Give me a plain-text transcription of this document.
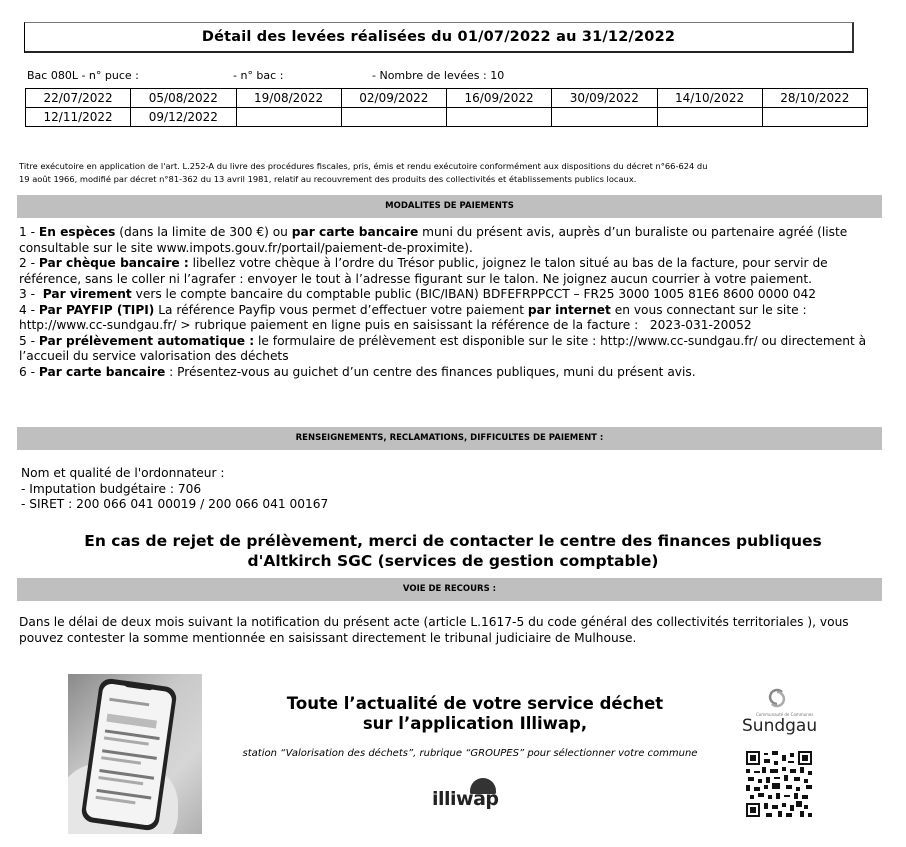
Détail des levées réalisées du 01/07/2022 au 31/12/2022
Bac 080L - n° puce :	- n° bac :	- Nombre de levées : 10
22/07/2022	05/08/2022	19/08/2022	02/09/2022	16/09/2022	30/09/2022	14/10/2022	28/10/2022
12/11/2022	09/12/2022						
Titre exécutoire en application de l'art. L.252-A du livre des procédures fiscales, pris, émis et rendu exécutoire conformément aux dispositions du décret n°66-624 du
19 août 1966, modifié par décret n°81-362 du 13 avril 1981, relatif au recouvrement des produits des collectivités et établissements publics locaux.
MODALITES DE PAIEMENTS

1 - En espèces (dans la limite de 300 €) ou par carte bancaire muni du présent avis, auprès d’un buraliste ou partenaire agréé (liste consultable sur le site www.impots.gouv.fr/portail/paiement-de-proximite).

2 - Par chèque bancaire : libellez votre chèque à l’ordre du Trésor public, joignez le talon situé au bas de la facture, pour servir de référence, sans le coller ni l’agrafer : envoyer le tout à l’adresse figurant sur le talon. Ne joignez aucun courrier à votre paiement.

3 -  Par virement vers le compte bancaire du comptable public (BIC/IBAN) BDFEFRPPCCT – FR25 3000 1005 81E6 8600 0000 042

4 - Par PAYFIP (TIPI) La référence Payfip vous permet d’effectuer votre paiement par internet en vous connectant sur le site : http://www.cc-sundgau.fr/ > rubrique paiement en ligne puis en saisissant la référence de la facture :   2023-031-20052

5 - Par prélèvement automatique : le formulaire de prélèvement est disponible sur le site : http://www.cc-sundgau.fr/ ou directement à l’accueil du service valorisation des déchets

6 - Par carte bancaire : Présentez-vous au guichet d’un centre des finances publiques, muni du présent avis.

RENSEIGNEMENTS, RECLAMATIONS, DIFFICULTES DE PAIEMENT :

Nom et qualité de l'ordonnateur :

- Imputation budgétaire : 706

- SIRET : 200 066 041 00019 / 200 066 041 00167

En cas de rejet de prélèvement, merci de contacter le centre des finances publiques
d'Altkirch SGC (services de gestion comptable)
VOIE DE RECOURS :
Dans le délai de deux mois suivant la notification du présent acte (article L.1617-5 du code général des collectivités territoriales ), vous pouvez contester la somme mentionnée en saisissant directement le tribunal judiciaire de Mulhouse.
Toute l’actualité de votre service déchet
sur l’application Illiwap,
station “Valorisation des déchets”, rubrique “GROUPES” pour sélectionner votre commune
illiwap
Communauté de Communes
Sundgau
